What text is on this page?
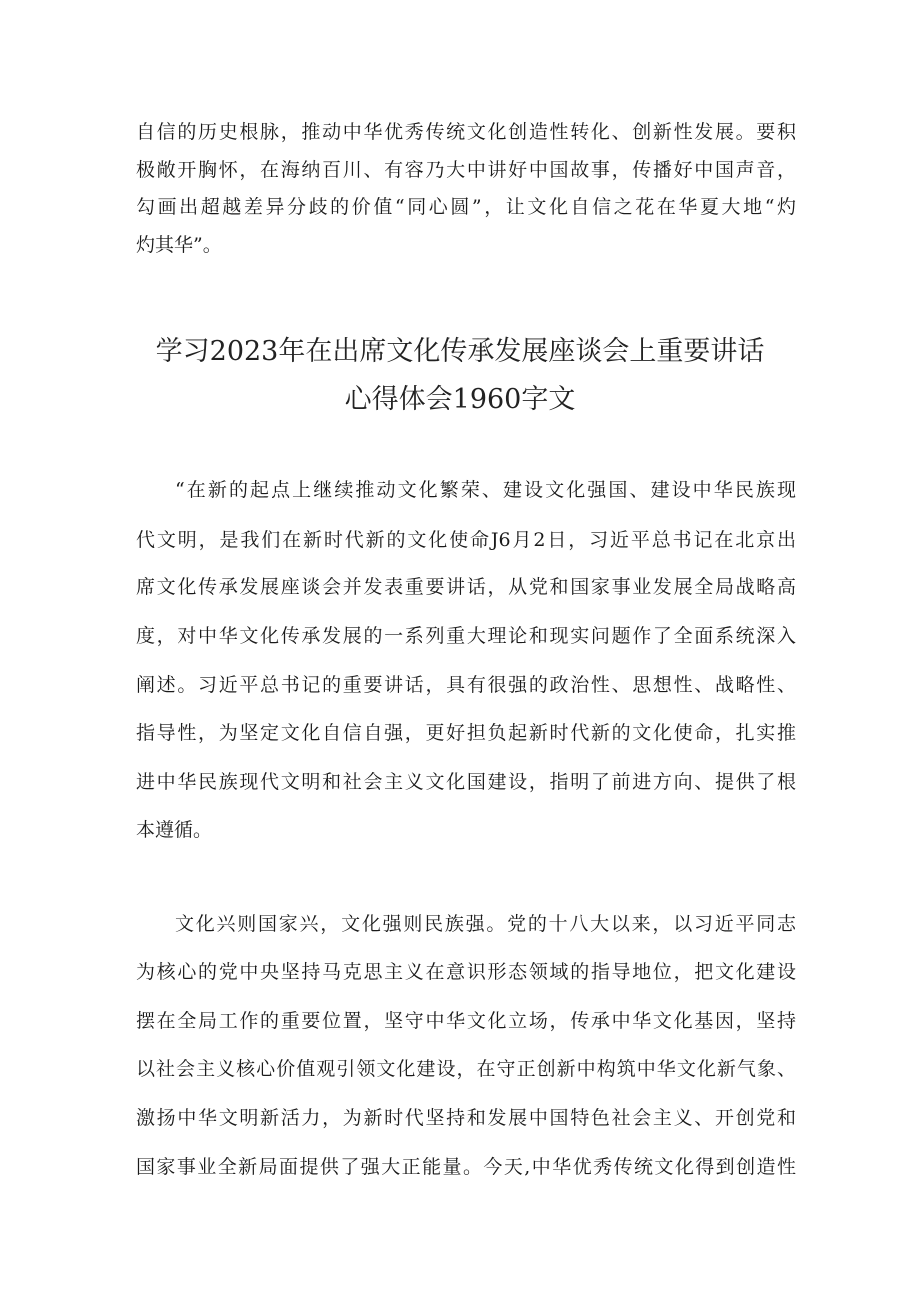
自信的历史根脉，推动中华优秀传统文化创造性转化、创新性发展。要积
极敞开胸怀，在海纳百川、有容乃大中讲好中国故事，传播好中国声音，
勾画出超越差异分歧的价值“同心圆”，让文化自信之花在华夏大地“灼
灼其华”。
学习2023年在出席文化传承发展座谈会上重要讲话
心得体会1960字文
“在新的起点上继续推动文化繁荣、建设文化强国、建设中华民族现
代文明，是我们在新时代新的文化使命J6月2日，习近平总书记在北京出
席文化传承发展座谈会并发表重要讲话，从党和国家事业发展全局战略高
度，对中华文化传承发展的一系列重大理论和现实问题作了全面系统深入
阐述。习近平总书记的重要讲话，具有很强的政治性、思想性、战略性、
指导性，为坚定文化自信自强，更好担负起新时代新的文化使命，扎实推
进中华民族现代文明和社会主义文化国建设，指明了前进方向、提供了根
本遵循。
文化兴则国家兴，文化强则民族强。党的十八大以来，以习近平同志
为核心的党中央坚持马克思主义在意识形态领域的指导地位，把文化建设
摆在全局工作的重要位置，坚守中华文化立场，传承中华文化基因，坚持
以社会主义核心价值观引领文化建设，在守正创新中构筑中华文化新气象、
激扬中华文明新活力，为新时代坚持和发展中国特色社会主义、开创党和
国家事业全新局面提供了强大正能量。今天,中华优秀传统文化得到创造性
